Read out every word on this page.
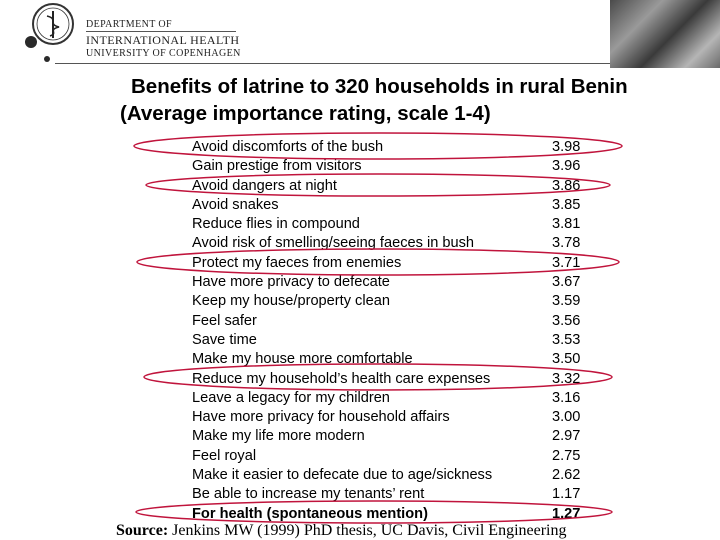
DEPARTMENT OF
INTERNATIONAL HEALTH
UNIVERSITY OF COPENHAGEN
Benefits of latrine to 320 households in rural Benin
(Average importance rating, scale 1-4)
Avoid discomforts of the bush	3.98
Gain prestige from visitors	3.96
Avoid dangers at night	3.86
Avoid snakes	3.85
Reduce flies in compound	3.81
Avoid risk of smelling/seeing faeces in bush	3.78
Protect my faeces from enemies	3.71
Have more privacy to defecate	3.67
Keep my house/property clean	3.59
Feel safer	3.56
Save time	3.53
Make my house more comfortable	3.50
Reduce my household’s health care expenses	3.32
Leave a legacy for my children	3.16
Have more privacy for household affairs	3.00
Make my life more modern	2.97
Feel royal	2.75
Make it easier to defecate due to age/sickness	2.62
Be able to increase my tenants’ rent	1.17
For health (spontaneous mention)	1.27
Source: Jenkins MW (1999) PhD thesis, UC Davis, Civil Engineering
